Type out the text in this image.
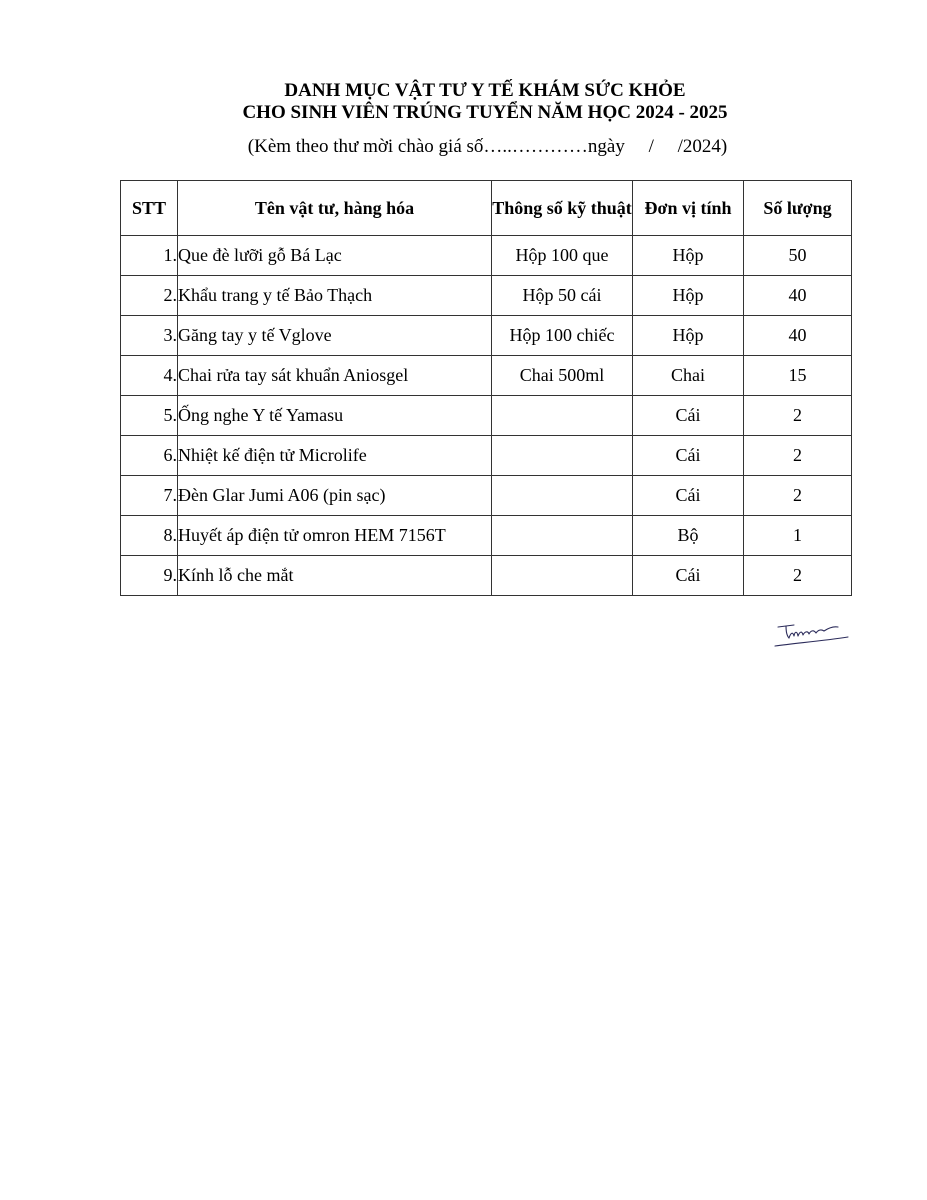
DANH MỤC VẬT TƯ Y TẾ KHÁM SỨC KHỎE

CHO SINH VIÊN TRÚNG TUYỂN NĂM HỌC 2024 - 2025

(Kèm theo thư mời chào giá số…..…………ngày     /     /2024)
STT	Tên vật tư, hàng hóa	Thông số kỹ thuật	Đơn vị tính	Số lượng
1.	Que đè lưỡi gỗ Bá Lạc	Hộp 100 que	Hộp	50
2.	Khẩu trang y tế Bảo Thạch	Hộp 50 cái	Hộp	40
3.	Găng tay y tế Vglove	Hộp 100 chiếc	Hộp	40
4.	Chai rửa tay sát khuẩn Aniosgel	Chai 500ml	Chai	15
5.	Ống nghe Y tế Yamasu		Cái	2
6.	Nhiệt kế điện tử Microlife		Cái	2
7.	Đèn Glar Jumi A06 (pin sạc)		Cái	2
8.	Huyết áp điện tử omron HEM 7156T		Bộ	1
9.	Kính lỗ che mắt		Cái	2
